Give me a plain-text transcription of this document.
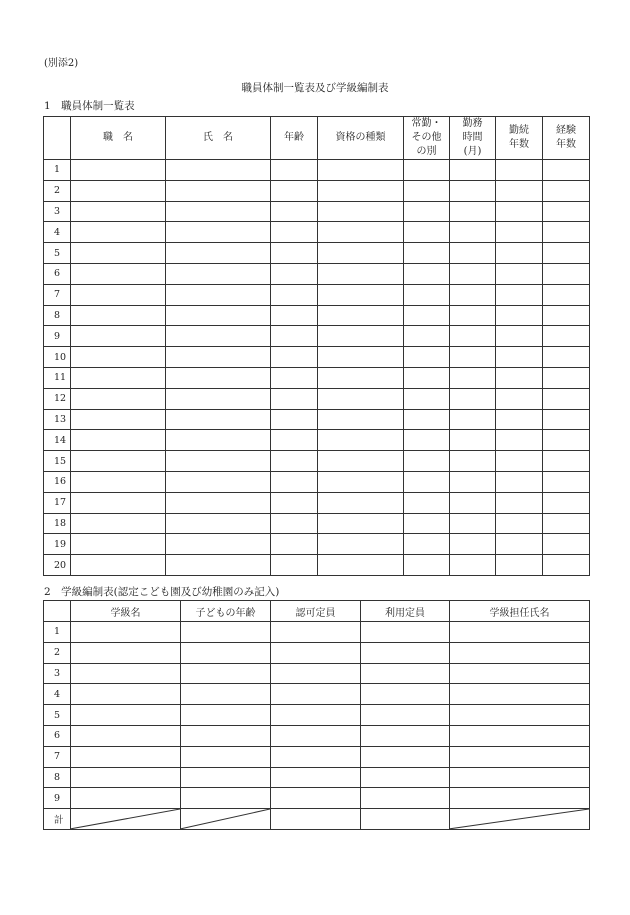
(別添2)
職員体制一覧表及び学級編制表
1　職員体制一覧表

	職　名	氏　名	年齢	資格の種類	常勤・
その他
の別	勤務
時間
(月)	勤続
年数	経験
年数

1								
2								
3								
4								
5								
6								
7								
8								
9								
10								
11								
12								
13								
14								
15								
16								
17								
18								
19								
20								
2　学級編制表(認定こども園及び幼稚園のみ記入)
	学級名	子どもの年齢	認可定員	利用定員	学級担任氏名
1					
2					
3					
4					
5					
6					
7					
8					
9					
計	
